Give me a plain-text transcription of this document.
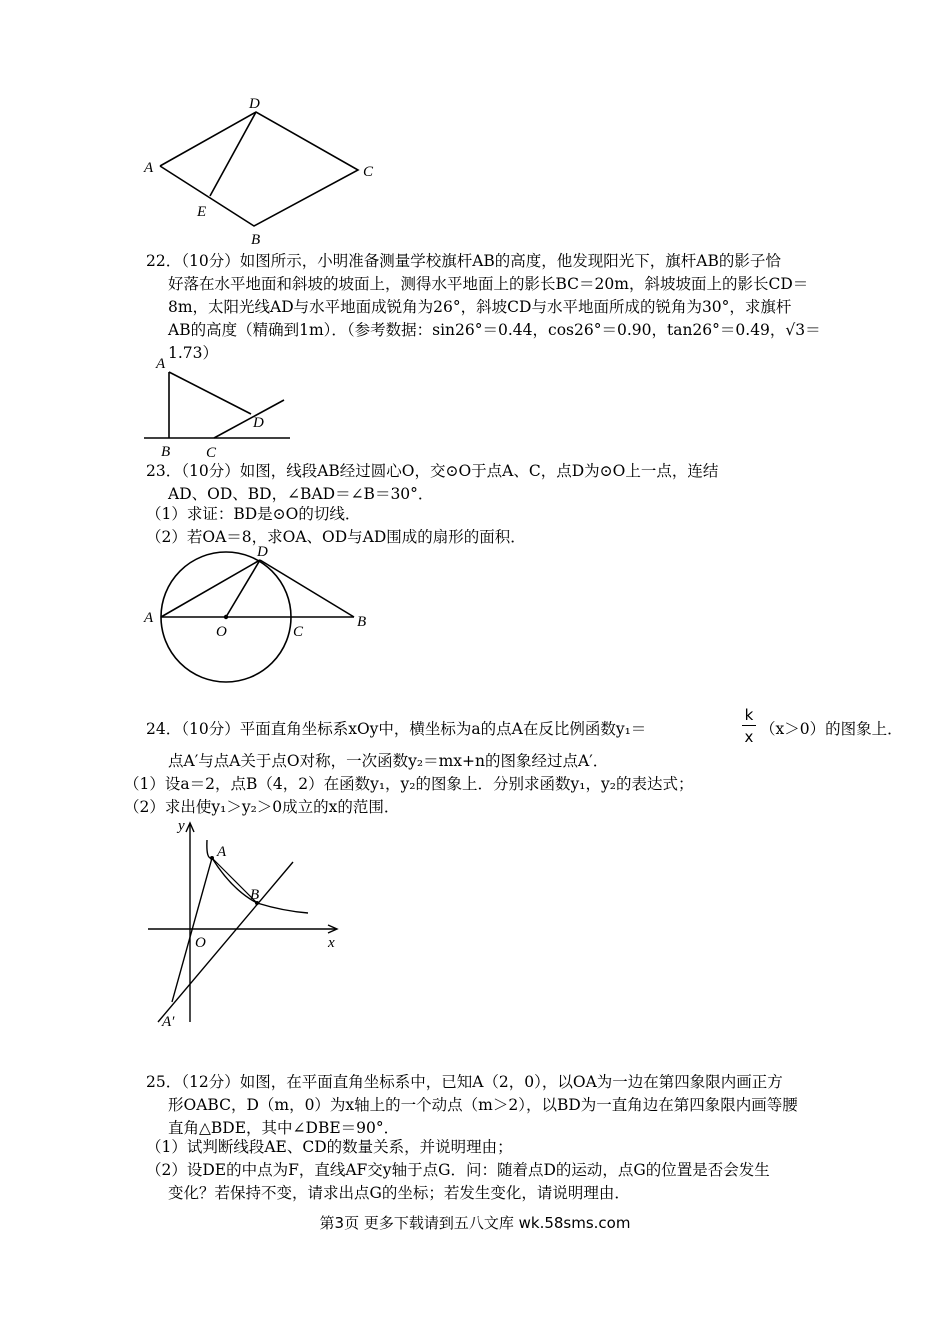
D
A	C
E
B
22．（10分）如图所示，小明准备测量学校旗杆AB的高度，他发现阳光下，旗杆AB的影子恰
好落在水平地面和斜坡的坡面上，测得水平地面上的影长BC＝20m，斜坡坡面上的影长CD＝
8m，太阳光线AD与水平地面成锐角为26°，斜坡CD与水平地面所成的锐角为30°，求旗杆
AB的高度（精确到1m）．（参考数据：sin26°＝0.44，cos26°＝0.90，tan26°＝0.49，√3＝
1.73）
A
D
B C
23．（10分）如图，线段AB经过圆心O，交⊙O于点A、C，点D为⊙O上一点，连结
AD、OD、BD，∠BAD＝∠B＝30°．
（1）求证：BD是⊙O的切线．
（2）若OA＝8，求OA、OD与AD围成的扇形的面积．
D
A
O	C
B
24．（10分）平面直角坐标系xOy中，横坐标为a的点A在反比例函数y₁＝
k
x （x＞0）的图象上．
点A′与点A关于点O对称，一次函数y₂＝mx+n的图象经过点A′．
（1）设a＝2，点B（4，2）在函数y₁，y₂的图象上．分别求函数y₁，y₂的表达式；
（2）求出使y₁＞y₂＞0成立的x的范围．
y
A
B
O	x
A′
25．（12分）如图，在平面直角坐标系中，已知A（2，0），以OA为一边在第四象限内画正方
形OABC，D（m，0）为x轴上的一个动点（m＞2），以BD为一直角边在第四象限内画等腰
直角△BDE，其中∠DBE＝90°．
（1）试判断线段AE、CD的数量关系，并说明理由；
（2）设DE的中点为F，直线AF交y轴于点G．问：随着点D的运动，点G的位置是否会发生
变化？若保持不变，请求出点G的坐标；若发生变化，请说明理由．
第3页 更多下载请到五八文库 wk.58sms.com
